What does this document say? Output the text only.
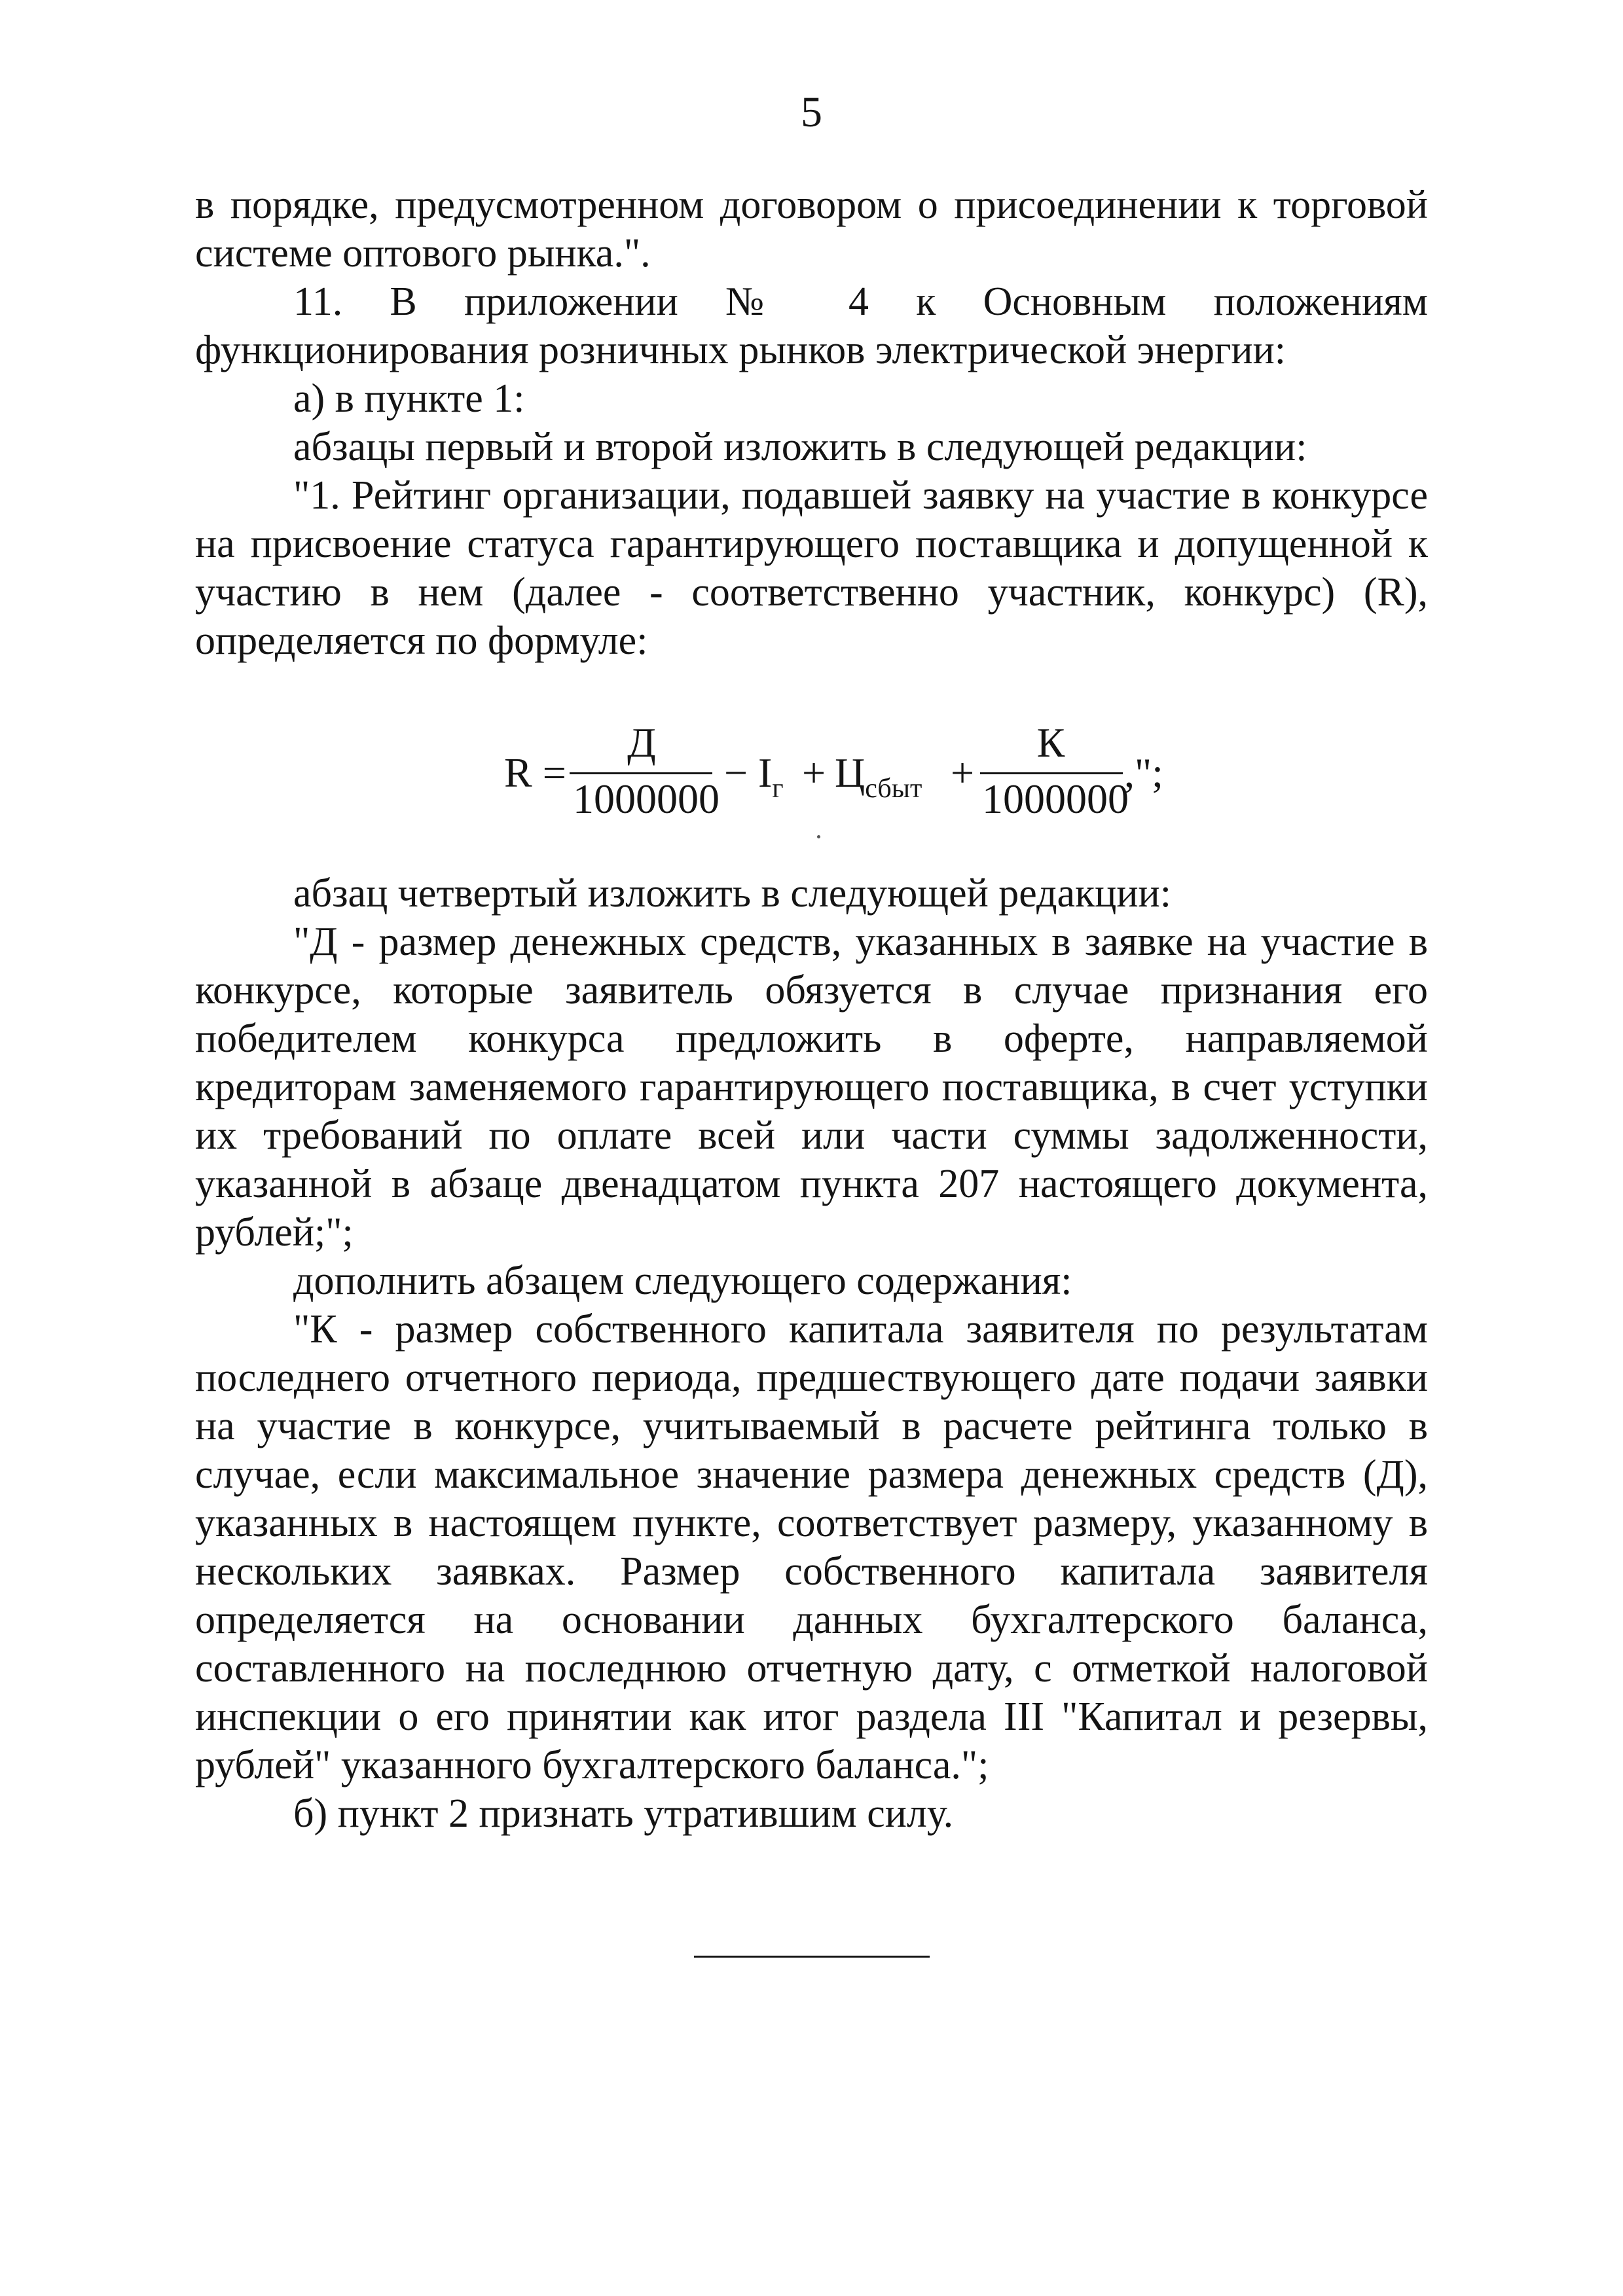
5

в порядке, предусмотренном договором о присоединении к торговой системе оптового рынка.".

11. В приложении № 4 к Основным положениям функционирования розничных рынков электрической энергии:

а) в пункте 1:

абзацы первый и второй изложить в следующей редакции:

"1. Рейтинг организации, подавшей заявку на участие в конкурсе на присвоение статуса гарантирующего поставщика и допущенной к участию в нем (далее - соответственно участник, конкурс) (R), определяется по формуле:

R =
Д
1000000
− $I_г + Ц_{сбыт}$ +
К
1000000
,";

абзац четвертый изложить в следующей редакции:

"Д - размер денежных средств, указанных в заявке на участие в конкурсе, которые заявитель обязуется в случае признания его победителем конкурса предложить в оферте, направляемой кредиторам заменяемого гарантирующего поставщика, в счет уступки их требований по оплате всей или части суммы задолженности, указанной в абзаце двенадцатом пункта 207 настоящего документа, рублей;";

дополнить абзацем следующего содержания:

"К - размер собственного капитала заявителя по результатам последнего отчетного периода, предшествующего дате подачи заявки на участие в конкурсе, учитываемый в расчете рейтинга только в случае, если максимальное значение размера денежных средств (Д), указанных в настоящем пункте, соответствует размеру, указанному в нескольких заявках. Размер собственного капитала заявителя определяется на основании данных бухгалтерского баланса, составленного на последнюю отчетную дату, с отметкой налоговой инспекции о его принятии как итог раздела III "Капитал и резервы, рублей" указанного бухгалтерского баланса.";

б) пункт 2 признать утратившим силу.
